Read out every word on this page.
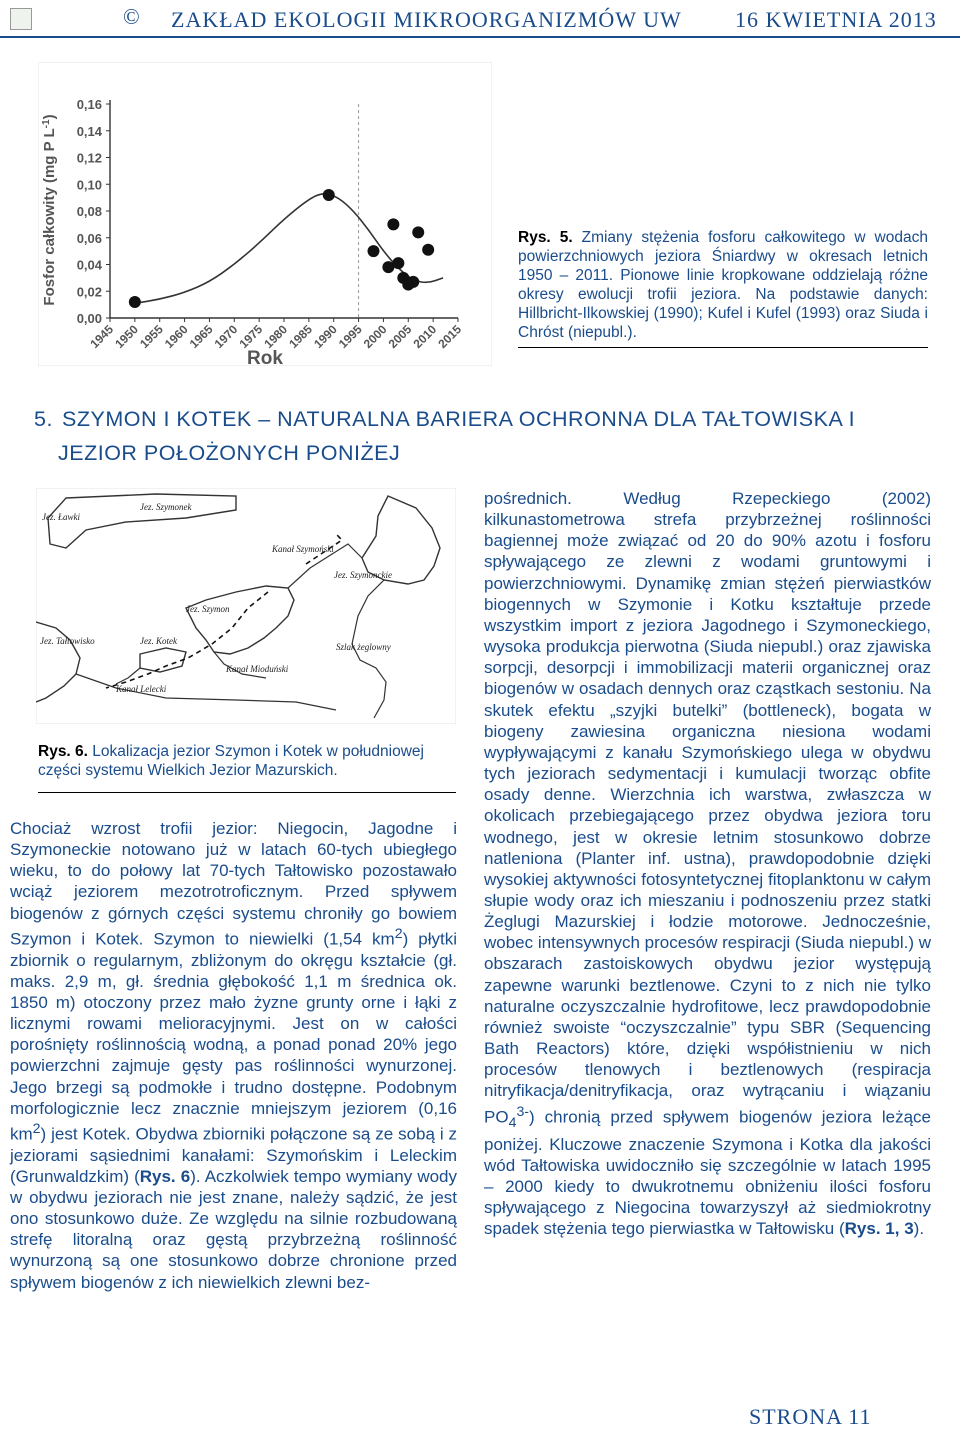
© ZAKŁAD EKOLOGII MIKROORGANIZMÓW UW 16 KWIETNIA 2013
0,00
0,02
0,04
0,06
0,08
0,10
0,12
0,14
0,16
1945
1950
1955
1960
1965
1970
1975
1980
1985
1990
1995
2000
2005
2010
2015
Rok
Fosfor całkowity (mg P $L^{-1}$)
Rys. 5. Zmiany stężenia fosforu całkowitego w wodach powierzchniowych jeziora Śniardwy w okresach letnich 1950 – 2011. Pionowe linie kropkowane oddzielają różne okresy ewolucji trofii jeziora. Na podstawie danych: Hillbricht-Ilkowskiej (1990); Kufel i Kufel (1993) oraz Siuda i Chróst (niepubl.).
5. SZYMON I KOTEK – NATURALNA BARIERA OCHRONNA DLA TAŁTOWISKA I
JEZIOR POŁOŻONYCH PONIŻEJ
Jez. Szymonek
Jez. Ławki
Kanał Szymoński
Jez. Szymonckie
Jez. Szymon
Jez. Tałtowisko	Jez. Kotek
Szlak żeglowny
Kanał Mioduński
Kanał Lelecki
Rys. 6. Lokalizacja jezior Szymon i Kotek w południowej części systemu Wielkich Jezior Mazurskich.

Chociaż wzrost trofii jezior: Niegocin, Jagodne i Szymoneckie notowano już w latach 60-tych ubiegłego wieku, to do połowy lat 70-tych Tałtowisko pozostawało wciąż jeziorem mezotrotroficznym. Przed spływem biogenów z górnych części systemu chroniły go bowiem Szymon i Kotek. Szymon to niewielki (1,54 $km^2$) płytki zbiornik o regularnym, zbliżonym do okręgu kształcie (gł. maks. 2,9 m, gł. średnia głębokość 1,1 m średnica ok. 1850 m) otoczony przez mało żyzne grunty orne i łąki z licznymi rowami melioracyjnymi. Jest on w całości porośnięty roślinnością wodną, a ponad ponad 20% jego powierzchni zajmuje gęsty pas roślinności wynurzonej. Jego brzegi są podmokłe i trudno dostępne. Podobnym morfologicznie lecz znacznie mniejszym jeziorem (0,16 $km^2$) jest Kotek. Obydwa zbiorniki połączone są ze sobą i z jeziorami sąsiednimi kanałami: Szymońskim i Leleckim (Grunwaldzkim) (Rys. 6). Aczkolwiek tempo wymiany wody w obydwu jeziorach nie jest znane, należy sądzić, że jest ono stosunkowo duże. Ze względu na silnie rozbudowaną strefę litoralną oraz gęstą przybrzeżną roślinność wynurzoną są one stosunkowo dobrze chronione przed spływem biogenów z ich niewielkich zlewni bez-

pośrednich. Według Rzepeckiego (2002) kilkunastometrowa strefa przybrzeżnej roślinności bagiennej może związać od 20 do 90% azotu i fosforu spływającego ze zlewni z wodami gruntowymi i powierzchniowymi. Dynamikę zmian stężeń pierwiastków biogennych w Szymonie i Kotku kształtuje przede wszystkim import z jeziora Jagodnego i Szymoneckiego, wysoka produkcja pierwotna (Siuda niepubl.) oraz zjawiska sorpcji, desorpcji i immobilizacji materii organicznej oraz biogenów w osadach dennych oraz cząstkach sestoniu. Na skutek efektu „szyjki butelki” (bottleneck), bogata w biogeny zawiesina organiczna niesiona wodami wypływającymi z kanału Szymońskiego ulega w obydwu tych jeziorach sedymentacji i kumulacji tworząc obfite osady denne. Wierzchnia ich warstwa, zwłaszcza w okolicach przebiegającego przez obydwa jeziora toru wodnego, jest w okresie letnim stosunkowo dobrze natleniona (Planter inf. ustna), prawdopodobnie dzięki wysokiej aktywności fotosyntetycznej fitoplanktonu w całym słupie wody oraz ich mieszaniu i podnoszeniu przez statki Żeglugi Mazurskiej i łodzie motorowe. Jednocześnie, wobec intensywnych procesów respiracji (Siuda niepubl.) w obszarach zastoiskowych obydwu jezior występują zapewne warunki beztlenowe. Czyni to z nich nie tylko naturalne oczyszczalnie hydrofitowe, lecz prawdopodobnie również swoiste “oczyszczalnie” typu SBR (Sequencing Bath Reactors) które, dzięki współistnieniu w nich procesów tlenowych i beztlenowych (respiracja nitryfikacja/denitryfikacja, oraz wytrącaniu i wiązaniu $PO_4^{3-}$) chronią przed spływem biogenów jeziora leżące poniżej. Kluczowe znaczenie Szymona i Kotka dla jakości wód Tałtowiska uwidoczniło się szczególnie w latach 1995 – 2000 kiedy to dwukrotnemu obniżeniu ilości fosforu spływającego z Niegocina towarzyszył aż siedmiokrotny spadek stężenia tego pierwiastka w Tałtowisku (Rys. 1, 3).

STRONA 11
